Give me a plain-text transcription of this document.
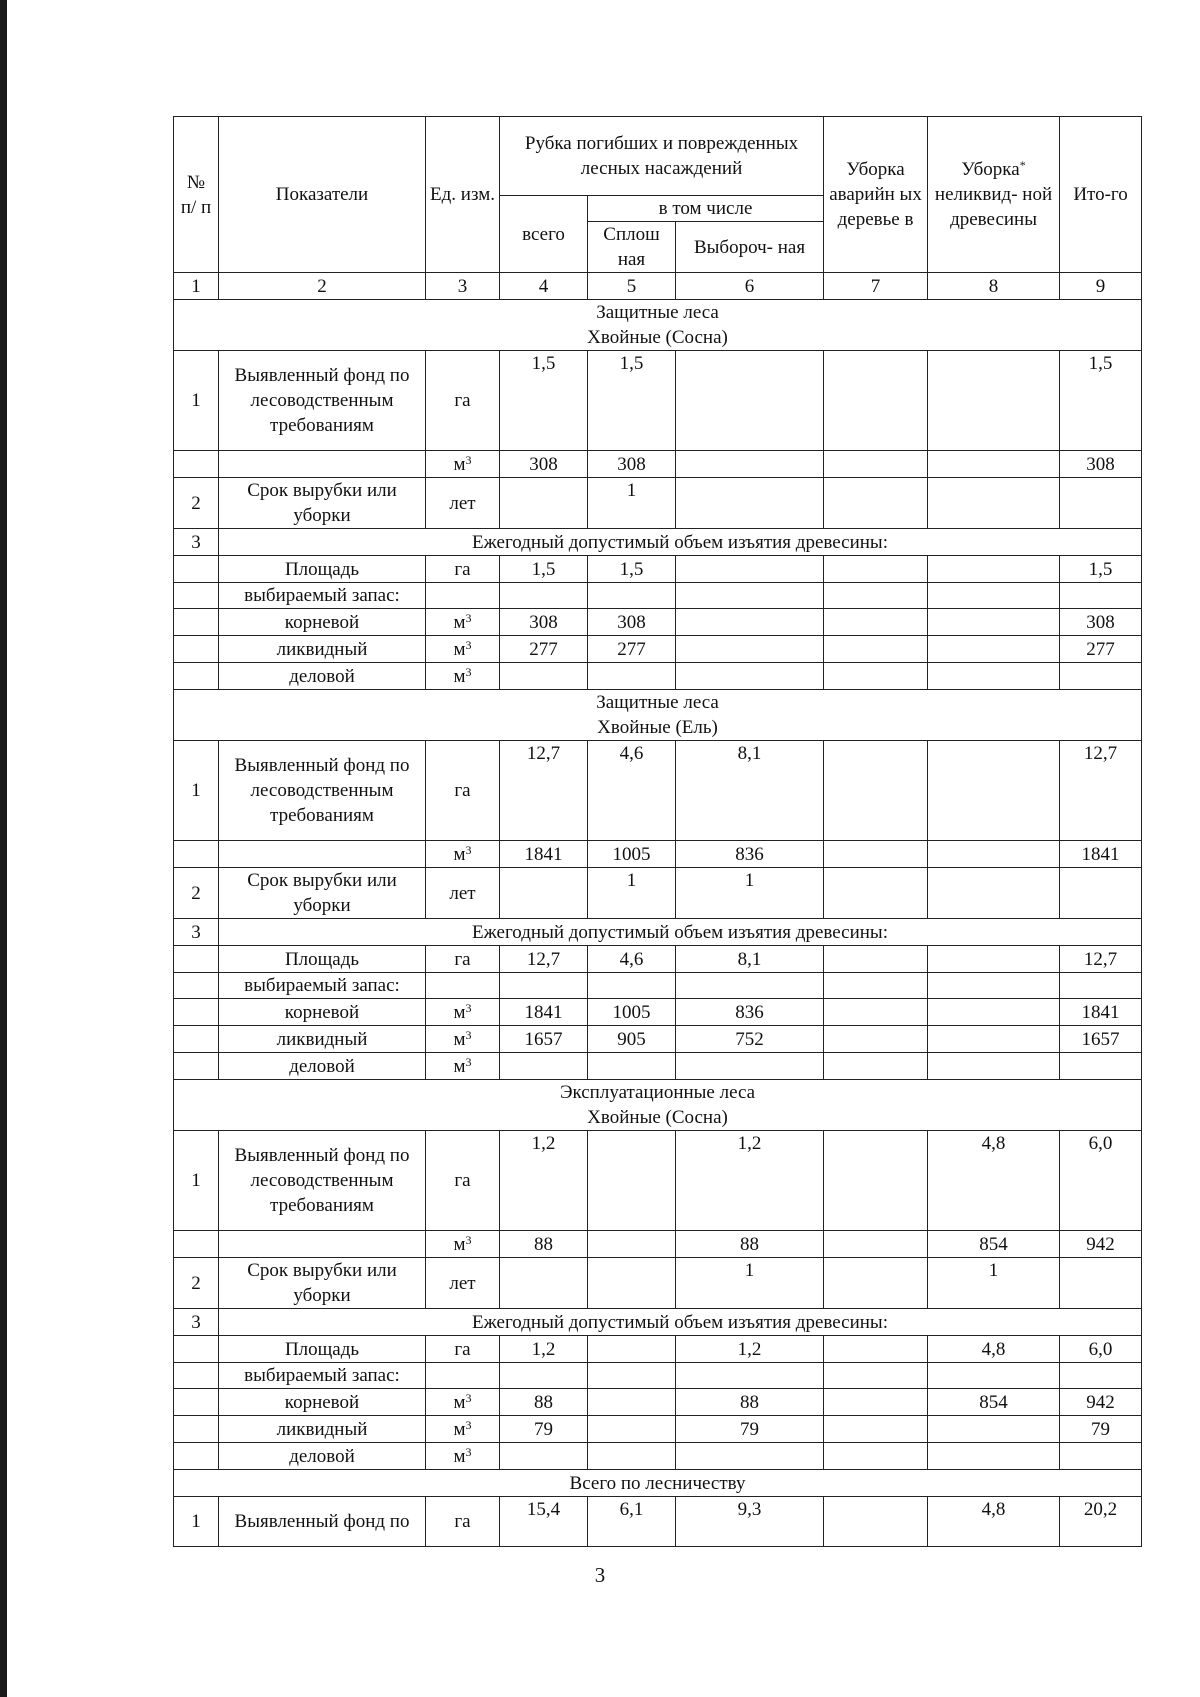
№ п/ п	Показатели	Ед. изм.	Рубка погибших и поврежденных лесных насаждений			Уборка аварийн ых деревье в	Уборка* неликвид- ной древесины	Ито-го
			всего	в том числе				
				Сплош ная	Выбороч- ная			
1	2	3	4	5	6	7	8	9

Защитные леса
Хвойные (Сосна)								

1	Выявленный фонд по лесоводственным требованиям	га	1,5	1,5				1,5
		$м^3$	308	308				308
2	Срок вырубки или уборки	лет		1				
3	Ежегодный допустимый объем изъятия древесины:							
	Площадь	га	1,5	1,5				1,5
	выбираемый запас:							
	корневой	$м^3$	308	308				308
	ликвидный	$м^3$	277	277				277
	деловой	$м^3$						

Защитные леса
Хвойные (Ель)								

1	Выявленный фонд по лесоводственным требованиям	га	12,7	4,6	8,1			12,7
		$м^3$	1841	1005	836			1841
2	Срок вырубки или уборки	лет		1	1			
3	Ежегодный допустимый объем изъятия древесины:							
	Площадь	га	12,7	4,6	8,1			12,7
	выбираемый запас:							
	корневой	$м^3$	1841	1005	836			1841
	ликвидный	$м^3$	1657	905	752			1657
	деловой	$м^3$						

Эксплуатационные леса
Хвойные (Сосна)								

1	Выявленный фонд по лесоводственным требованиям	га	1,2		1,2		4,8	6,0
		$м^3$	88		88		854	942
2	Срок вырубки или уборки	лет			1		1	
3	Ежегодный допустимый объем изъятия древесины:							
	Площадь	га	1,2		1,2		4,8	6,0
	выбираемый запас:							
	корневой	$м^3$	88		88		854	942
	ликвидный	$м^3$	79		79			79
	деловой	$м^3$						
Всего по лесничеству								
1	Выявленный фонд по	га	15,4	6,1	9,3		4,8	20,2
3
